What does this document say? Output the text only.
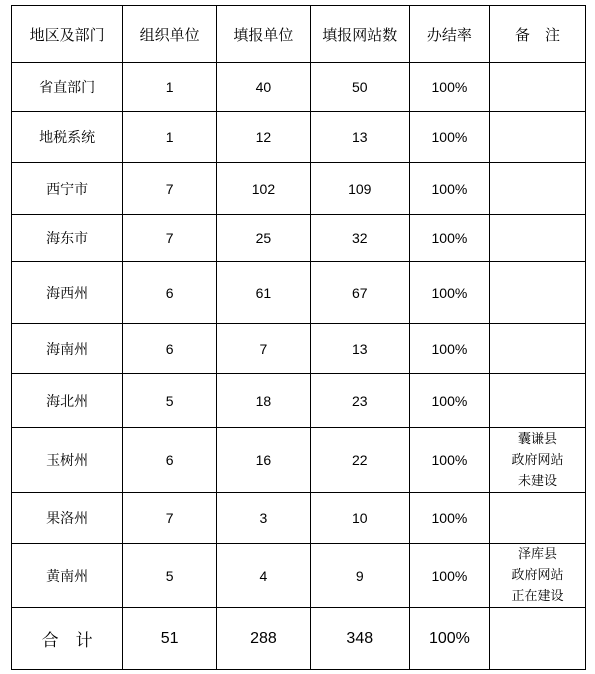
地区及部门	组织单位	填报单位	填报网站数	办结率	备　注
省直部门	1	40	50	100%	
地税系统	1	12	13	100%	
西宁市	7	102	109	100%	
海东市	7	25	32	100%	
海西州	6	61	67	100%	
海南州	6	7	13	100%	
海北州	5	18	23	100%	
玉树州	6	16	22	100%	囊谦县
政府网站
未建设

果洛州	7	3	10	100%	
黄南州	5	4	9	100%	泽库县
政府网站
正在建设

合　计	51	288	348	100%	
